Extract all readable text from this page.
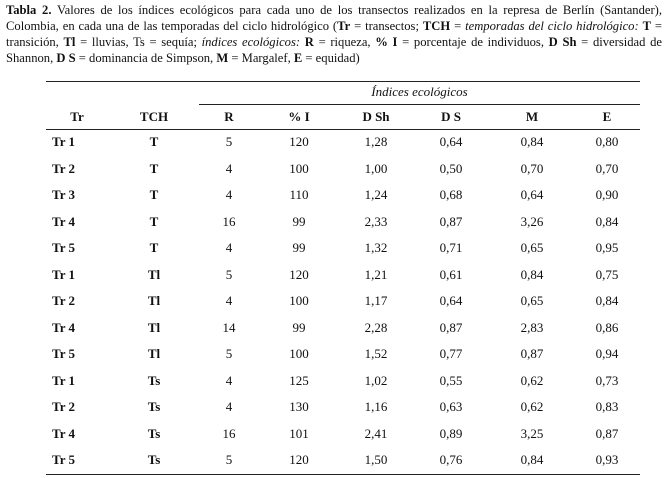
Tabla 2. Valores de los índices ecológicos para cada uno de los transectos realizados en la represa de Berlín (Santander), Colombia, en cada una de las temporadas del ciclo hidrológico (Tr = transectos; TCH = temporadas del ciclo hidrológico: T = transición, Tl = lluvias, Ts = sequía; índices ecológicos: R = riqueza, % I = porcentaje de individuos, D Sh = diversidad de Shannon, D S = dominancia de Simpson, M = Margalef, E = equidad)
Índices ecológicos
Tr	TCH	R	% I	D Sh	D S	M	E
Tr 1	T	5	120	1,28	0,64	0,84	0,80
Tr 2	T	4	100	1,00	0,50	0,70	0,70
Tr 3	T	4	110	1,24	0,68	0,64	0,90
Tr 4	T	16	99	2,33	0,87	3,26	0,84
Tr 5	T	4	99	1,32	0,71	0,65	0,95
Tr 1	Tl	5	120	1,21	0,61	0,84	0,75
Tr 2	Tl	4	100	1,17	0,64	0,65	0,84
Tr 4	Tl	14	99	2,28	0,87	2,83	0,86
Tr 5	Tl	5	100	1,52	0,77	0,87	0,94
Tr 1	Ts	4	125	1,02	0,55	0,62	0,73
Tr 2	Ts	4	130	1,16	0,63	0,62	0,83
Tr 4	Ts	16	101	2,41	0,89	3,25	0,87
Tr 5	Ts	5	120	1,50	0,76	0,84	0,93
